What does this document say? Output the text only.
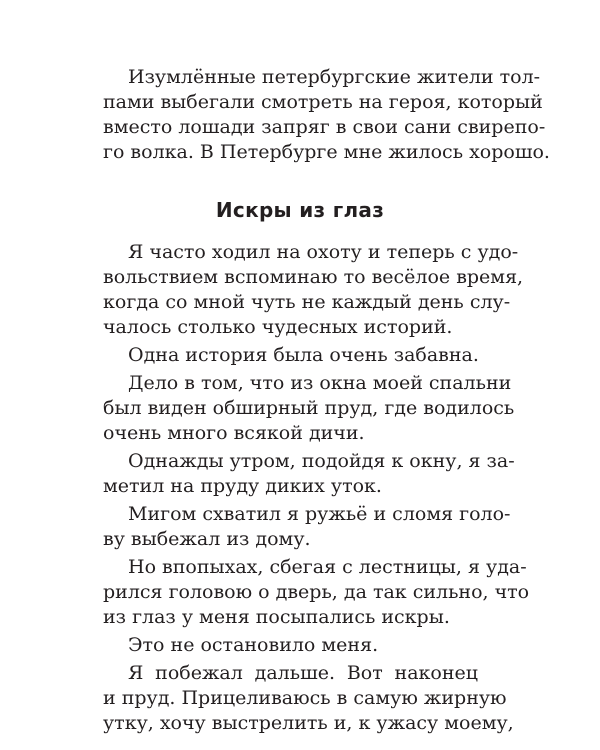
Изумлённые петербургские жители тол-
пами выбегали смотреть на героя, который
вместо лошади запряг в свои сани свирепо-
го волка. В Петербурге мне жилось хорошо.
Искры из глаз
Я часто ходил на охоту и теперь с удо-
вольствием вспоминаю то весёлое время,
когда со мной чуть не каждый день слу-
чалось столько чудесных историй.
Одна история была очень забавна.
Дело в том, что из окна моей спальни
был виден обширный пруд, где водилось
очень много всякой дичи.
Однажды утром, подойдя к окну, я за-
метил на пруду диких уток.
Мигом схватил я ружьё и сломя голо-
ву выбежал из дому.
Но впопыхах, сбегая с лестницы, я уда-
рился головою о дверь, да так сильно, что
из глаз у меня посыпались искры.
Это не остановило меня.
Я побежал дальше. Вот наконец
и пруд. Прицеливаюсь в самую жирную
утку, хочу выстрелить и, к ужасу моему,
